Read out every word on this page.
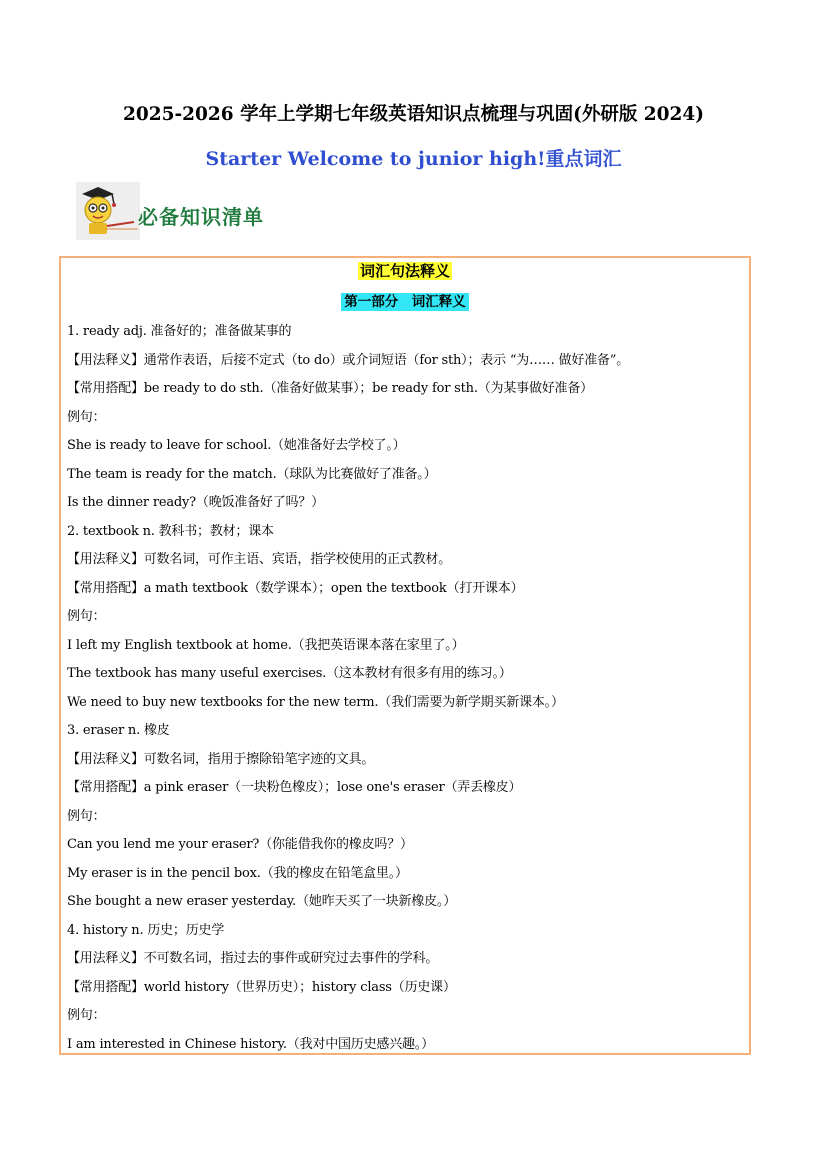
2025-2026 学年上学期七年级英语知识点梳理与巩固(外研版 2024)
Starter Welcome to junior high!重点词汇
必备知识清单
词汇句法释义
第一部分　词汇释义
1. ready adj. 准备好的；准备做某事的
【用法释义】通常作表语，后接不定式（to do）或介词短语（for sth）；表示 “为…… 做好准备”。
【常用搭配】be ready to do sth.（准备好做某事）；be ready for sth.（为某事做好准备）
例句：
She is ready to leave for school.（她准备好去学校了。）
The team is ready for the match.（球队为比赛做好了准备。）
Is the dinner ready?（晚饭准备好了吗？）
2. textbook n. 教科书；教材；课本
【用法释义】可数名词，可作主语、宾语，指学校使用的正式教材。
【常用搭配】a math textbook（数学课本）；open the textbook（打开课本）
例句：
I left my English textbook at home.（我把英语课本落在家里了。）
The textbook has many useful exercises.（这本教材有很多有用的练习。）
We need to buy new textbooks for the new term.（我们需要为新学期买新课本。）
3. eraser n. 橡皮
【用法释义】可数名词，指用于擦除铅笔字迹的文具。
【常用搭配】a pink eraser（一块粉色橡皮）；lose one's eraser（弄丢橡皮）
例句：
Can you lend me your eraser?（你能借我你的橡皮吗？）
My eraser is in the pencil box.（我的橡皮在铅笔盒里。）
She bought a new eraser yesterday.（她昨天买了一块新橡皮。）
4. history n. 历史；历史学
【用法释义】不可数名词，指过去的事件或研究过去事件的学科。
【常用搭配】world history（世界历史）；history class（历史课）
例句：
I am interested in Chinese history.（我对中国历史感兴趣。）
